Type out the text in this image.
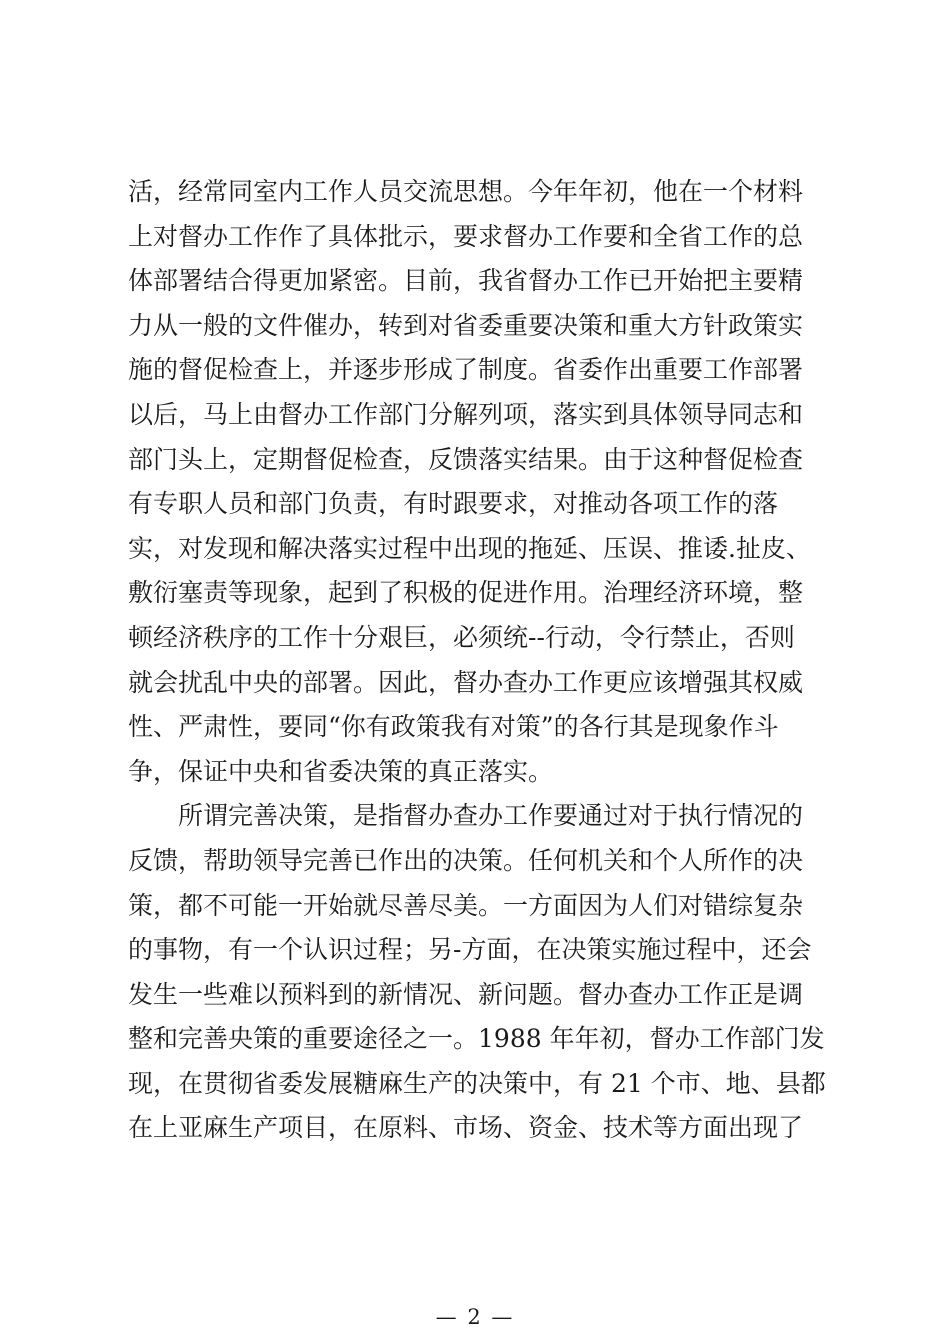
活，经常同室内工作人员交流思想。今年年初，他在一个材料
上对督办工作作了具体批示，要求督办工作要和全省工作的总
体部署结合得更加紧密。目前，我省督办工作已开始把主要精
力从一般的文件催办，转到对省委重要决策和重大方针政策实
施的督促检查上，并逐步形成了制度。省委作出重要工作部署
以后，马上由督办工作部门分解列项，落实到具体领导同志和
部门头上，定期督促检查，反馈落实结果。由于这种督促检查
有专职人员和部门负责，有时跟要求，对推动各项工作的落
实，对发现和解决落实过程中出现的拖延、压误、推诿.扯皮、
敷衍塞责等现象，起到了积极的促进作用。治理经济环境，整
顿经济秩序的工作十分艰巨，必须统--行动，令行禁止，否则
就会扰乱中央的部署。因此，督办查办工作更应该增强其权威
性、严肃性，要同“你有政策我有对策”的各行其是现象作斗
争，保证中央和省委决策的真正落实。
所谓完善决策，是指督办查办工作要通过对于执行情况的
反馈，帮助领导完善已作出的决策。任何机关和个人所作的决
策，都不可能一开始就尽善尽美。一方面因为人们对错综复杂
的事物，有一个认识过程；另-方面，在决策实施过程中，还会
发生一些难以预料到的新情况、新问题。督办查办工作正是调
整和完善央策的重要途径之一。1988 年年初，督办工作部门发
现，在贯彻省委发展糖麻生产的决策中，有 21 个市、地、县都
在上亚麻生产项目，在原料、市场、资金、技术等方面出现了
— 2 —
